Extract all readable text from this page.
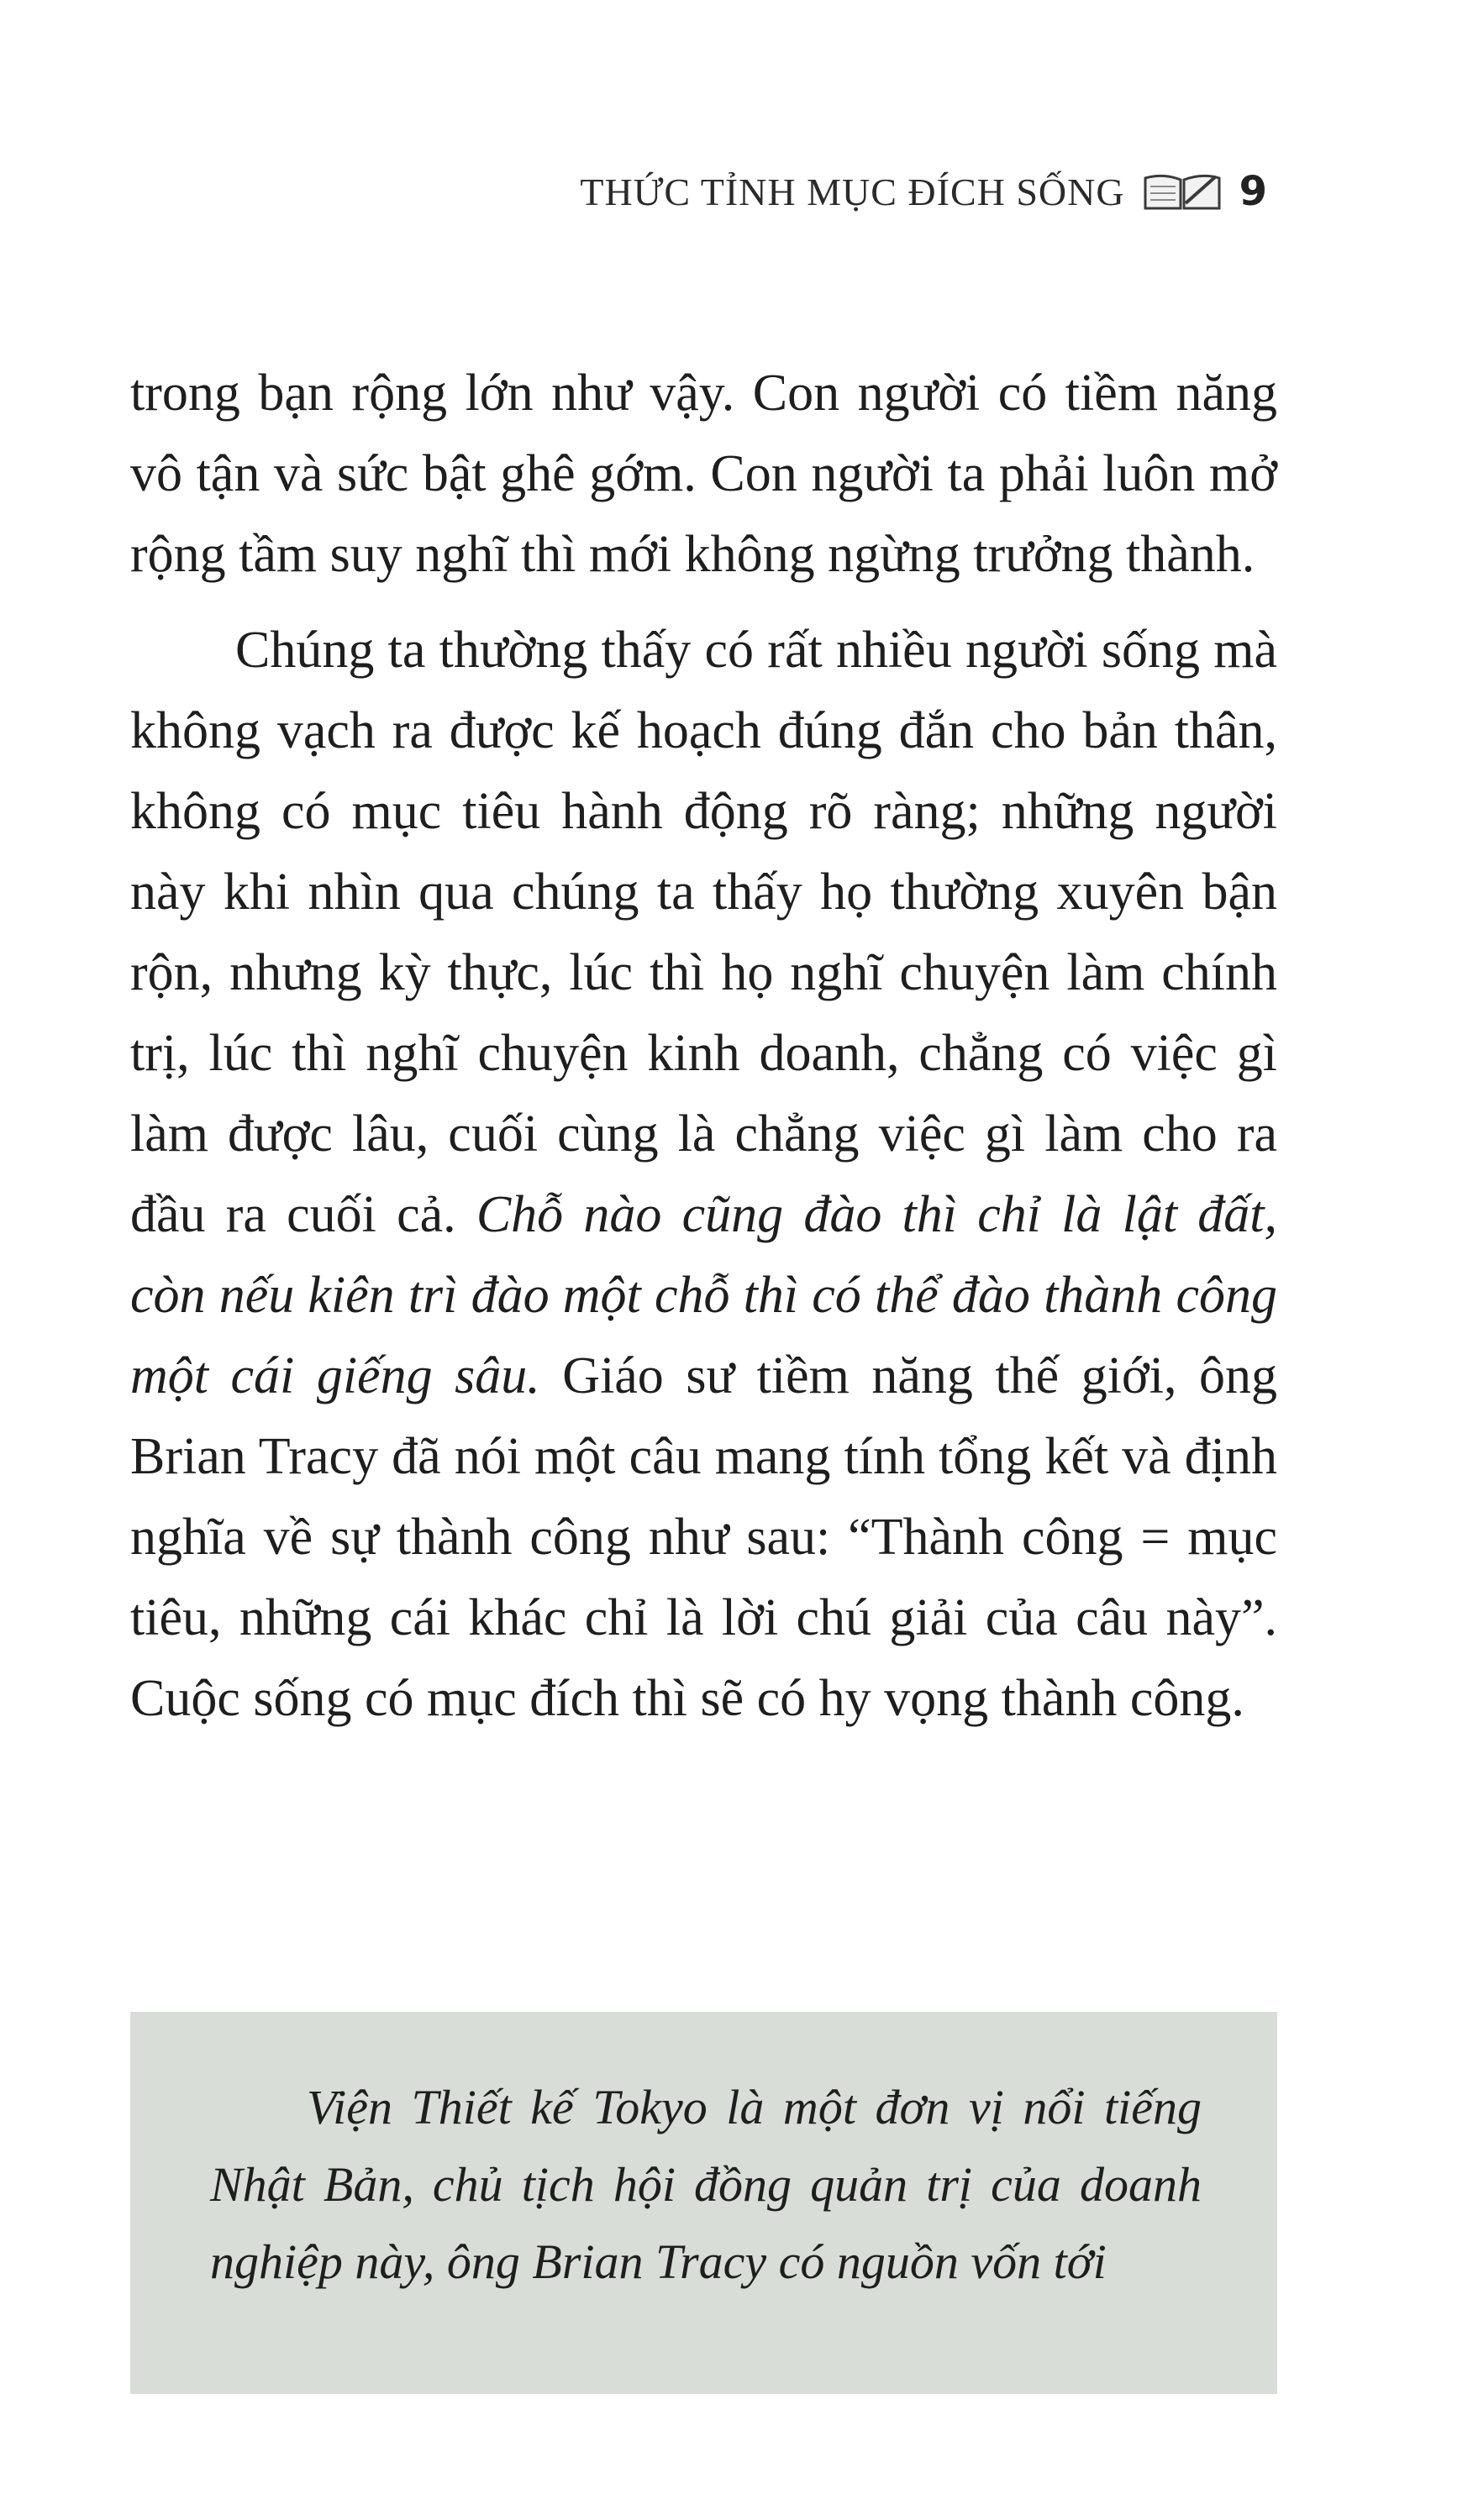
THỨC TỈNH MỤC ĐÍCH SỐNG	9

trong bạn rộng lớn như vậy. Con người có tiềm năng vô tận và sức bật ghê gớm. Con người ta phải luôn mở rộng tầm suy nghĩ thì mới không ngừng trưởng thành.

Chúng ta thường thấy có rất nhiều người sống mà không vạch ra được kế hoạch đúng đắn cho bản thân, không có mục tiêu hành động rõ ràng; những người này khi nhìn qua chúng ta thấy họ thường xuyên bận rộn, nhưng kỳ thực, lúc thì họ nghĩ chuyện làm chính trị, lúc thì nghĩ chuyện kinh doanh, chẳng có việc gì làm được lâu, cuối cùng là chẳng việc gì làm cho ra đầu ra cuối cả. Chỗ nào cũng đào thì chỉ là lật đất, còn nếu kiên trì đào một chỗ thì có thể đào thành công một cái giếng sâu. Giáo sư tiềm năng thế giới, ông Brian Tracy đã nói một câu mang tính tổng kết và định nghĩa về sự thành công như sau: “Thành công = mục tiêu, những cái khác chỉ là lời chú giải của câu này”. Cuộc sống có mục đích thì sẽ có hy vọng thành công.

Viện Thiết kế Tokyo là một đơn vị nổi tiếng Nhật Bản, chủ tịch hội đồng quản trị của doanh nghiệp này, ông Brian Tracy có nguồn vốn tới
